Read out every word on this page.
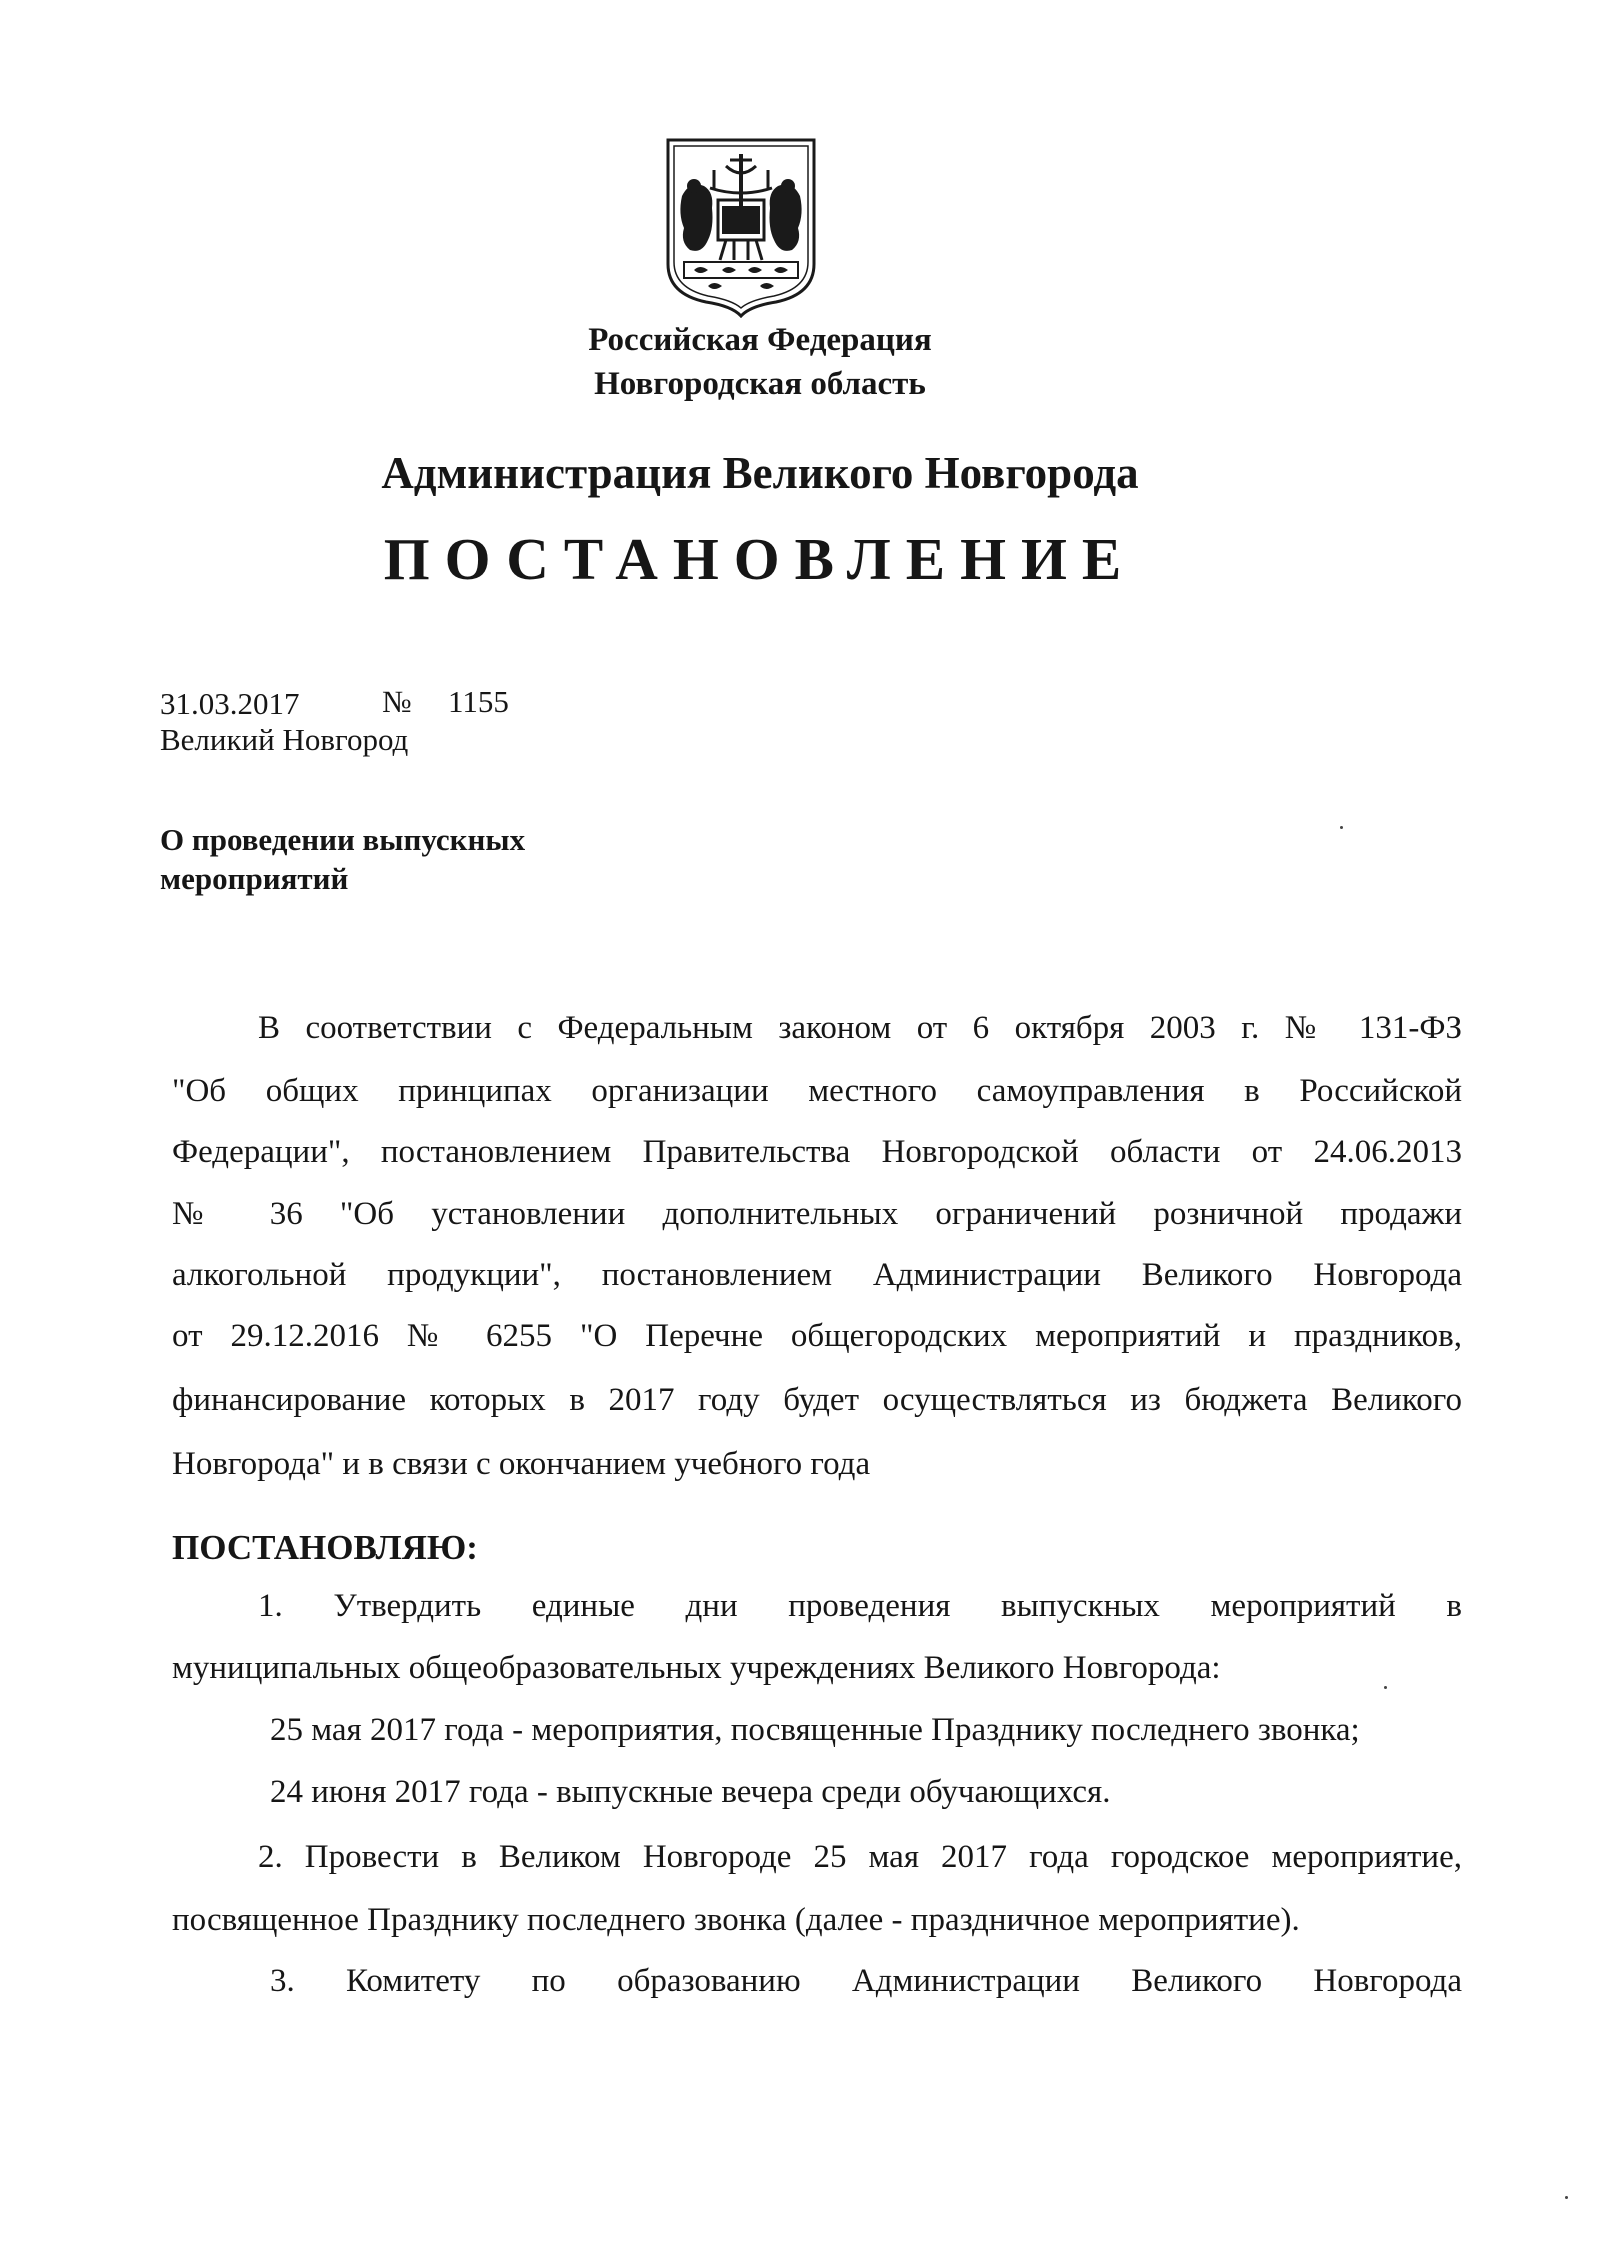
Российская Федерация
Новгородская область
Администрация Великого Новгорода
ПОСТАНОВЛЕНИЕ
31.03.2017	№ 1155
Великий Новгород
О проведении выпускных
мероприятий
В соответствии с Федеральным законом от 6 октября 2003 г. № 131-ФЗ
"Об общих принципах организации местного самоуправления в Российской
Федерации", постановлением Правительства Новгородской области от 24.06.2013
№ 36 "Об установлении дополнительных ограничений розничной продажи
алкогольной продукции", постановлением Администрации Великого Новгорода
от 29.12.2016 № 6255 "О Перечне общегородских мероприятий и праздников,
финансирование которых в 2017 году будет осуществляться из бюджета Великого
Новгорода" и в связи с окончанием учебного года
ПОСТАНОВЛЯЮ:
1. Утвердить единые дни проведения выпускных мероприятий в
муниципальных общеобразовательных учреждениях Великого Новгорода:
25 мая 2017 года - мероприятия, посвященные Празднику последнего звонка;
24 июня 2017 года - выпускные вечера среди обучающихся.
2. Провести в Великом Новгороде 25 мая 2017 года городское мероприятие,
посвященное Празднику последнего звонка (далее - праздничное мероприятие).
3. Комитету по образованию Администрации Великого Новгорода
